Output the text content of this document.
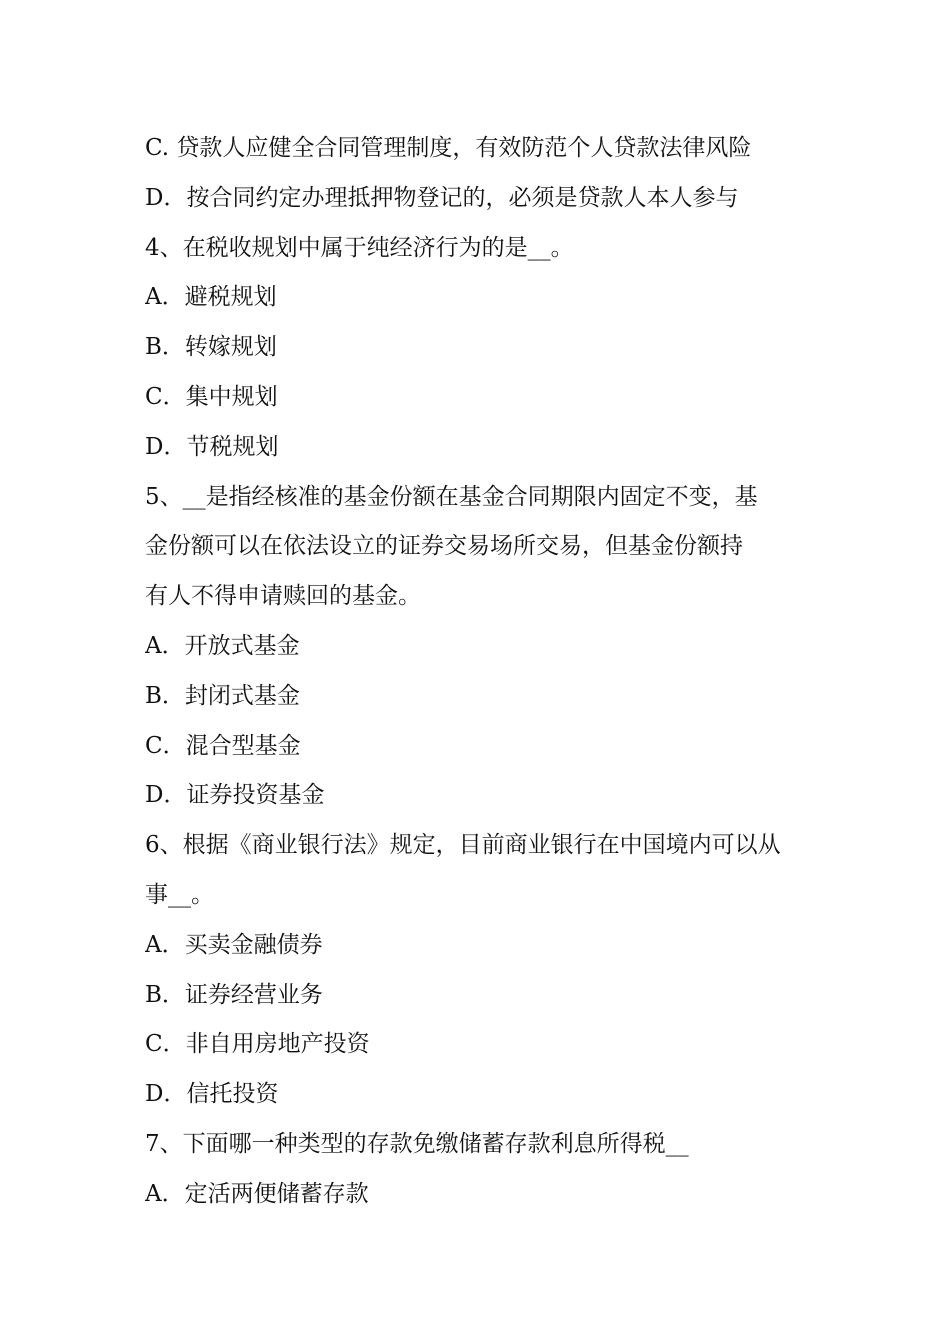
C. 贷款人应健全合同管理制度，有效防范个人贷款法律风险
D．按合同约定办理抵押物登记的，必须是贷款人本人参与
4、在税收规划中属于纯经济行为的是__。
A．避税规划
B．转嫁规划
C．集中规划
D．节税规划
5、__是指经核准的基金份额在基金合同期限内固定不变，基
金份额可以在依法设立的证券交易场所交易，但基金份额持
有人不得申请赎回的基金。
A．开放式基金
B．封闭式基金
C．混合型基金
D．证券投资基金
6、根据《商业银行法》规定，目前商业银行在中国境内可以从
事__。
A．买卖金融债券
B．证券经营业务
C．非自用房地产投资
D．信托投资
7、下面哪一种类型的存款免缴储蓄存款利息所得税__
A．定活两便储蓄存款
